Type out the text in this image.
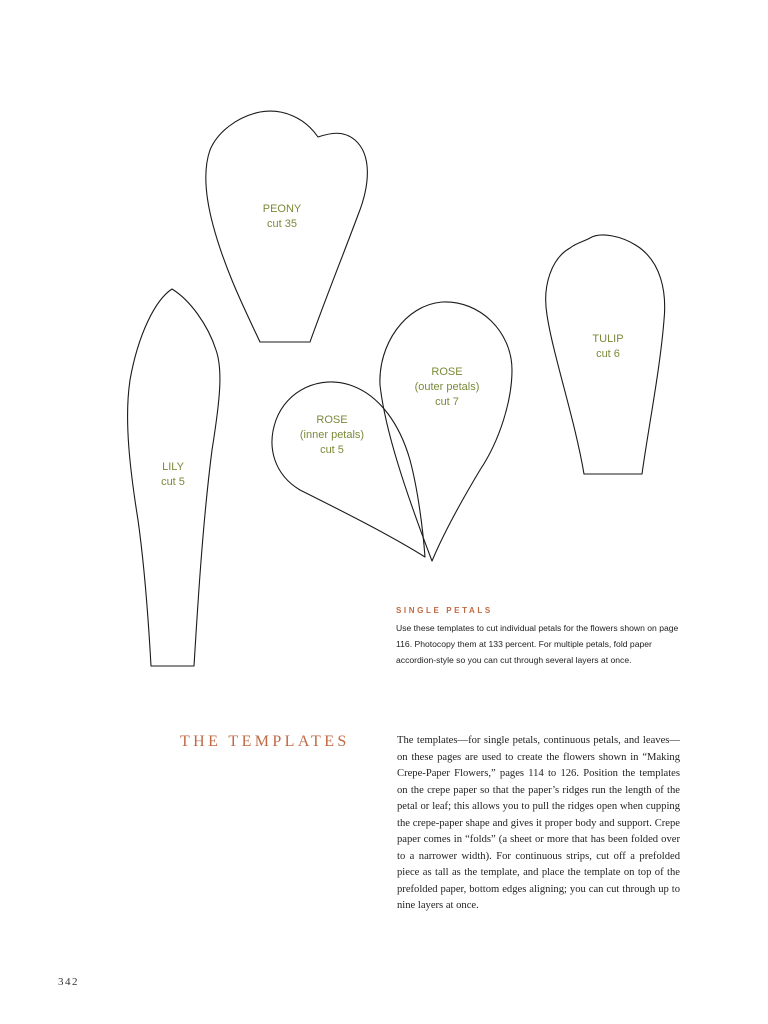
PEONY
cut 35
TULIP
cut 6
ROSE
(outer petals)
cut 7
ROSE
(inner petals)
cut 5
LILY
cut 5
SINGLE PETALS
Use these templates to cut individual petals for the flowers shown on page 116. Photocopy them at 133 percent. For multiple petals, fold paper accordion-style so you can cut through several layers at once.
THE TEMPLATES	The templates—for single petals, continuous petals, and leaves—on these pages are used to create the flowers shown in “Making Crepe-Paper Flowers,” pages 114 to 126. Position the templates on the crepe paper so that the paper’s ridges run the length of the petal or leaf; this allows you to pull the ridges open when cupping the crepe-paper shape and gives it proper body and support. Crepe paper comes in “folds” (a sheet or more that has been folded over to a narrower width). For continuous strips, cut off a prefolded piece as tall as the template, and place the template on top of the prefolded paper, bottom edges aligning; you can cut through up to nine layers at once.
342
